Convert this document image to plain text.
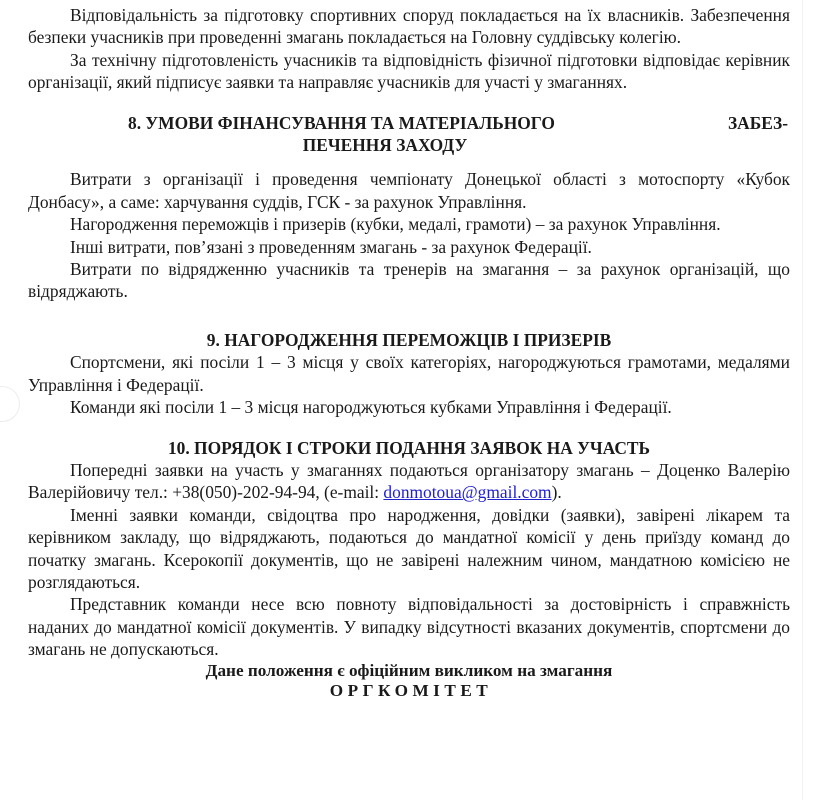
Відповідальність за підготовку спортивних споруд покладається на їх власників. Забезпечення безпеки учасників при проведенні змагань покладається на Головну суддівську колегію.

За технічну підготовленість учасників та відповідність фізичної підготовки відповідає керівник організації, який підписує заявки та направляє учасників для участі у змаганнях.

8. УМОВИ ФІНАНСУВАННЯ ТА МАТЕРІАЛЬНОГО	ЗАБЕЗ-
ПЕЧЕННЯ ЗАХОДУ

Витрати з організації і проведення чемпіонату Донецької області з мотоспорту «Кубок Донбасу», а саме: харчування суддів, ГСК - за рахунок Управління.

Нагородження переможців і призерів (кубки, медалі, грамоти) – за рахунок Управління.

Інші витрати, пов’язані з проведенням змагань - за рахунок Федерації.

Витрати по відрядженню учасників та тренерів на змагання – за рахунок організацій, що відряджають.

9. НАГОРОДЖЕННЯ ПЕРЕМОЖЦІВ І ПРИЗЕРІВ

Спортсмени, які посіли 1 – 3 місця у своїх категоріях, нагороджуються грамотами, медалями Управління і Федерації.

Команди які посіли 1 – 3 місця нагороджуються кубками Управління і Федерації.

10. ПОРЯДОК І СТРОКИ ПОДАННЯ ЗАЯВОК НА УЧАСТЬ

Попередні заявки на участь у змаганнях подаються організатору змагань – Доценко Валерію Валерійовичу тел.: +38(050)-202-94-94, (e-mail: donmotoua@gmail.com).

Іменні заявки команди, свідоцтва про народження, довідки (заявки), завірені лікарем та керівником закладу, що відряджають, подаються до мандатної комісії у день приїзду команд до початку змагань. Ксерокопії документів, що не завірені належним чином, мандатною комісією не розглядаються.

Представник команди несе всю повноту відповідальності за достовірність і справжність наданих до мандатної комісії документів. У випадку відсутності вказаних документів, спортсмени до змагань не допускаються.

Дане положення є офіційним викликом на змагання
ОРГКОМІТЕТ
